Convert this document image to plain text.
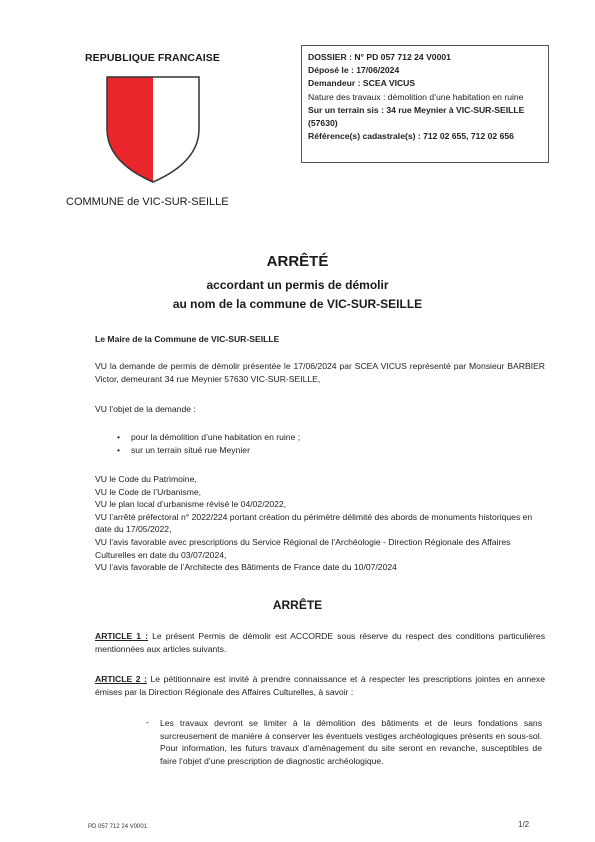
REPUBLIQUE FRANCAISE
COMMUNE de VIC-SUR-SEILLE
DOSSIER : N° PD 057 712 24 V0001
Déposé le : 17/06/2024
Demandeur : SCEA VICUS
Nature des travaux : démolition d’une habitation en ruine
Sur un terrain sis : 34 rue Meynier à VIC-SUR-SEILLE (57630)
Référence(s) cadastrale(s) : 712 02 655, 712 02 656
ARRÊTÉ
accordant un permis de démolir
au nom de la commune de VIC-SUR-SEILLE
Le Maire de la Commune de VIC-SUR-SEILLE
VU la demande de permis de démolir présentée le 17/06/2024 par SCEA VICUS représenté par Monsieur BARBIER Victor, demeurant 34 rue Meynier 57630 VIC-SUR-SEILLE,
VU l’objet de la demande :
• pour la démolition d’une habitation en ruine ;
• sur un terrain situé rue Meynier
VU le Code du Patrimoine,
VU le Code de l’Urbanisme,
VU le plan local d’urbanisme révisé le 04/02/2022,
VU l’arrêté préfectoral n° 2022/224 portant création du périmètre délimité des abords de monuments historiques en date du 17/05/2022,
VU l’avis favorable avec prescriptions du Service Régional de l’Archéologie - Direction Régionale des Affaires Culturelles en date du 03/07/2024,
VU l’avis favorable de l’Architecte des Bâtiments de France date du 10/07/2024
ARRÊTE
ARTICLE 1 : Le présent Permis de démolir est ACCORDE sous réserve du respect des conditions particulières mentionnées aux articles suivants.
ARTICLE 2 : Le pétitionnaire est invité à prendre connaissance et à respecter les prescriptions jointes en annexe émises par la Direction Régionale des Affaires Culturelles, à savoir :
- Les travaux devront se limiter à la démolition des bâtiments et de leurs fondations sans surcreusement de manière à conserver les éventuels vestiges archéologiques présents en sous-sol. Pour information, les futurs travaux d’aménagement du site seront en revanche, susceptibles de faire l’objet d’une prescription de diagnostic archéologique.
PD 057 712 24 V0001	1/2
